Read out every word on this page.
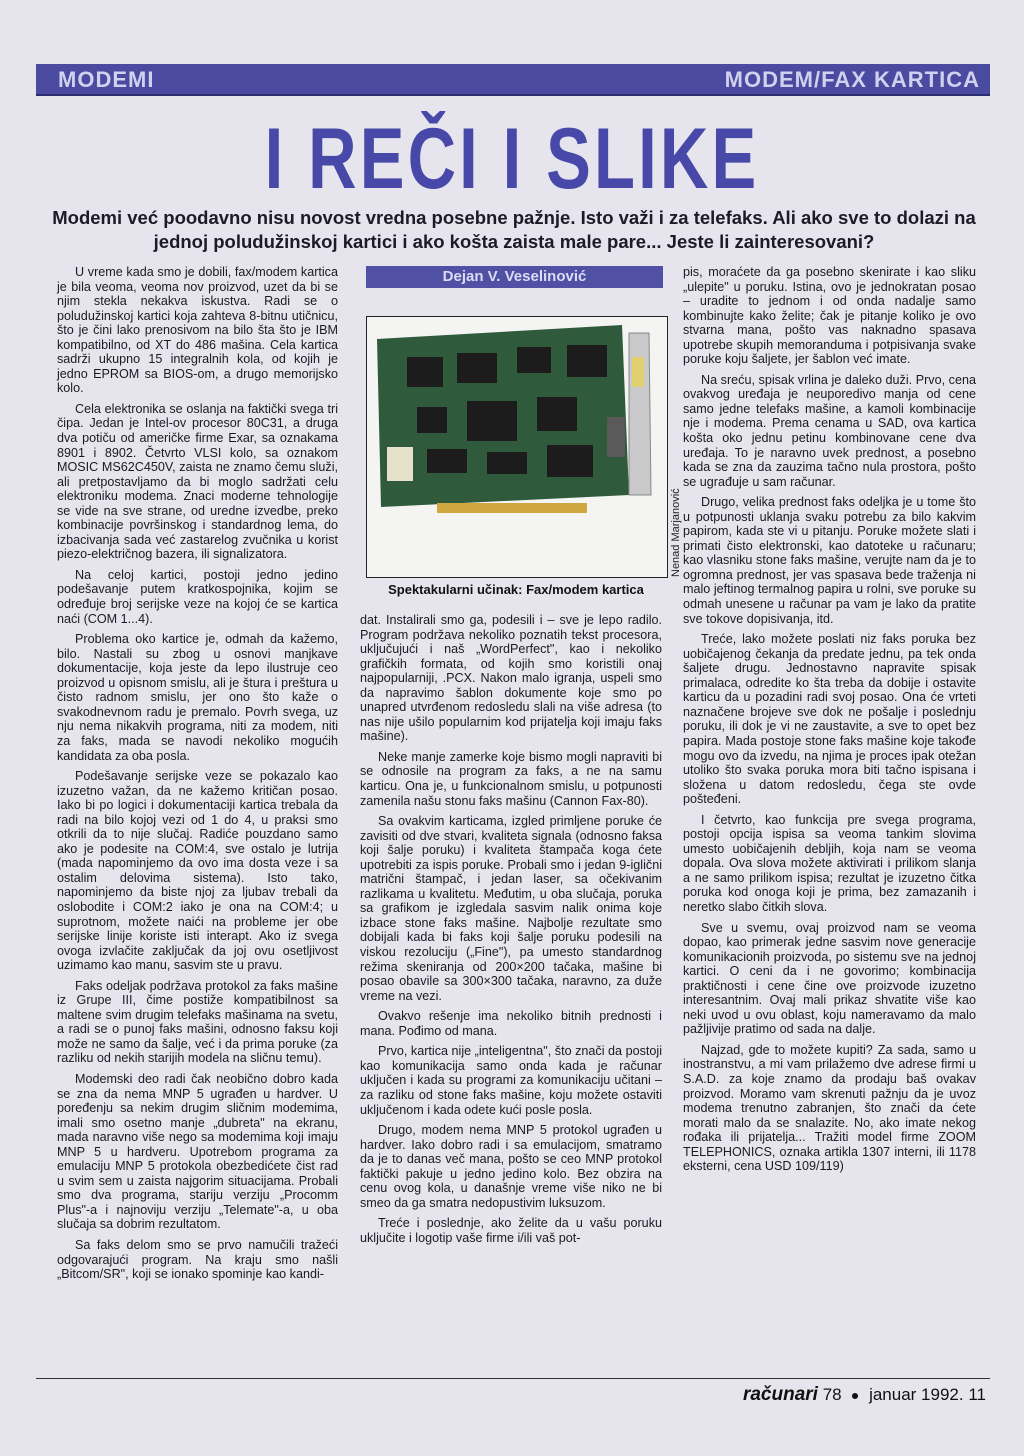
MODEMI	MODEM/FAX KARTICA
I REČI I SLIKE
Modemi već poodavno nisu novost vredna posebne pažnje. Isto važi i za telefaks. Ali ako sve to dolazi na jednoj poludužinskoj kartici i ako košta zaista male pare... Jeste li zainteresovani?

U vreme kada smo je dobili, fax/modem kartica je bila veoma, veoma nov proizvod, uzet da bi se njim stekla nekakva iskustva. Radi se o poludužinskoj kartici koja zahteva 8-bitnu utičnicu, što je čini lako prenosivom na bilo šta što je IBM kompatibilno, od XT do 486 mašina. Cela kartica sadrži ukupno 15 integralnih kola, od kojih je jedno EPROM sa BIOS-om, a drugo memorijsko kolo.

Cela elektronika se oslanja na faktički svega tri čipa. Jedan je Intel-ov procesor 80C31, a druga dva potiču od američke firme Exar, sa oznakama 8901 i 8902. Četvrto VLSI kolo, sa oznakom MOSIC MS62C450V, zaista ne znamo čemu služi, ali pretpostavljamo da bi moglo sadržati celu elektroniku modema. Znaci moderne tehnologije se vide na sve strane, od uredne izvedbe, preko kombinacije površinskog i standardnog lema, do izbacivanja sada već zastarelog zvučnika u korist piezo-električnog bazera, ili signalizatora.

Na celoj kartici, postoji jedno jedino podešavanje putem kratkospojnika, kojim se određuje broj serijske veze na kojoj će se kartica naći (COM 1...4).

Problema oko kartice je, odmah da kažemo, bilo. Nastali su zbog u osnovi manjkave dokumentacije, koja jeste da lepo ilustruje ceo proizvod u opisnom smislu, ali je štura i preštura u čisto radnom smislu, jer ono što kaže o svakodnevnom radu je premalo. Povrh svega, uz nju nema nikakvih programa, niti za modem, niti za faks, mada se navodi nekoliko mogućih kandidata za oba posla.

Podešavanje serijske veze se pokazalo kao izuzetno važan, da ne kažemo kritičan posao. Iako bi po logici i dokumentaciji kartica trebala da radi na bilo kojoj vezi od 1 do 4, u praksi smo otkrili da to nije slučaj. Radiće pouzdano samo ako je podesite na COM:4, sve ostalo je lutrija (mada napominjemo da ovo ima dosta veze i sa ostalim delovima sistema). Isto tako, napominjemo da biste njoj za ljubav trebali da oslobodite i COM:2 iako je ona na COM:4; u suprotnom, možete naići na probleme jer obe serijske linije koriste isti interapt. Ako iz svega ovoga izvlačite zaključak da joj ovu osetljivost uzimamo kao manu, sasvim ste u pravu.

Faks odeljak podržava protokol za faks mašine iz Grupe III, čime postiže kompatibilnost sa maltene svim drugim telefaks mašinama na svetu, a radi se o punoj faks mašini, odnosno faksu koji može ne samo da šalje, već i da prima poruke (za razliku od nekih starijih modela na sličnu temu).

Modemski deo radi čak neobično dobro kada se zna da nema MNP 5 ugrađen u hardver. U poređenju sa nekim drugim sličnim modemima, imali smo osetno manje „dubreta" na ekranu, mada naravno više nego sa modemima koji imaju MNP 5 u hardveru. Upotrebom programa za emulaciju MNP 5 protokola obezbedićete čist rad u svim sem u zaista najgorim situacijama. Probali smo dva programa, stariju verziju „Procomm Plus"-a i najnoviju verziju „Telemate"-a, u oba slučaja sa dobrim rezultatom.

Sa faks delom smo se prvo namučili tražeći odgovarajući program. Na kraju smo našli „Bitcom/SR", koji se ionako spominje kao kandi-

Dejan V. Veselinović
Nenad Marjanović
Spektakularni učinak: Fax/modem kartica

dat. Instalirali smo ga, podesili i – sve je lepo radilo. Program podržava nekoliko poznatih tekst procesora, uključujući i naš „WordPerfect", kao i nekoliko grafičkih formata, od kojih smo koristili onaj najpopularniji, .PCX. Nakon malo igranja, uspeli smo da napravimo šablon dokumente koje smo po unapred utvrđenom redosledu slali na više adresa (to nas nije ušilo popularnim kod prijatelja koji imaju faks mašine).

Neke manje zamerke koje bismo mogli napraviti bi se odnosile na program za faks, a ne na samu karticu. Ona je, u funkcionalnom smislu, u potpunosti zamenila našu stonu faks mašinu (Cannon Fax-80).

Sa ovakvim karticama, izgled primljene poruke će zavisiti od dve stvari, kvaliteta signala (odnosno faksa koji šalje poruku) i kvaliteta štampača koga ćete upotrebiti za ispis poruke. Probali smo i jedan 9-iglični matrični štampač, i jedan laser, sa očekivanim razlikama u kvalitetu. Međutim, u oba slučaja, poruka sa grafikom je izgledala sasvim nalik onima koje izbace stone faks mašine. Najbolje rezultate smo dobijali kada bi faks koji šalje poruku podesili na viskou rezoluciju („Fine"), pa umesto standardnog režima skeniranja od 200×200 tačaka, mašine bi posao obavile sa 300×300 tačaka, naravno, za duže vreme na vezi.

Ovakvo rešenje ima nekoliko bitnih prednosti i mana. Pođimo od mana.

Prvo, kartica nije „inteligentna", što znači da postoji kao komunikacija samo onda kada je računar uključen i kada su programi za komunikaciju učitani – za razliku od stone faks mašine, koju možete ostaviti uključenom i kada odete kući posle posla.

Drugo, modem nema MNP 5 protokol ugrađen u hardver. Iako dobro radi i sa emulacijom, smatramo da je to danas več mana, pošto se ceo MNP protokol faktički pakuje u jedno jedino kolo. Bez obzira na cenu ovog kola, u današnje vreme više niko ne bi smeo da ga smatra nedopustivim luksuzom.

Treće i poslednje, ako želite da u vašu poruku uključite i logotip vaše firme i/ili vaš pot-

pis, moraćete da ga posebno skenirate i kao sliku „ulepite" u poruku. Istina, ovo je jednokratan posao – uradite to jednom i od onda nadalje samo kombinujte kako želite; čak je pitanje koliko je ovo stvarna mana, pošto vas naknadno spasava upotrebe skupih memoranduma i potpisivanja svake poruke koju šaljete, jer šablon već imate.

Na sreću, spisak vrlina je daleko duži. Prvo, cena ovakvog uređaja je neuporedivo manja od cene samo jedne telefaks mašine, a kamoli kombinacije nje i modema. Prema cenama u SAD, ova kartica košta oko jednu petinu kombinovane cene dva uređaja. To je naravno uvek prednost, a posebno kada se zna da zauzima tačno nula prostora, pošto se ugrađuje u sam računar.

Drugo, velika prednost faks odeljka je u tome što u potpunosti uklanja svaku potrebu za bilo kakvim papirom, kada ste vi u pitanju. Poruke možete slati i primati čisto elektronski, kao datoteke u računaru; kao vlasniku stone faks mašine, verujte nam da je to ogromna prednost, jer vas spasava bede traženja ni malo jeftinog termalnog papira u rolni, sve poruke su odmah unesene u računar pa vam je lako da pratite sve tokove dopisivanja, itd.

Treće, lako možete poslati niz faks poruka bez uobičajenog čekanja da predate jednu, pa tek onda šaljete drugu. Jednostavno napravite spisak primalaca, odredite ko šta treba da dobije i ostavite karticu da u pozadini radi svoj posao. Ona će vrteti naznačene brojeve sve dok ne pošalje i poslednju poruku, ili dok je vi ne zaustavite, a sve to opet bez papira. Mada postoje stone faks mašine koje takođe mogu ovo da izvedu, na njima je proces ipak otežan utoliko što svaka poruka mora biti tačno ispisana i složena u datom redosledu, čega ste ovde pošteđeni.

I četvrto, kao funkcija pre svega programa, postoji opcija ispisa sa veoma tankim slovima umesto uobičajenih debljih, koja nam se veoma dopala. Ova slova možete aktivirati i prilikom slanja a ne samo prilikom ispisa; rezultat je izuzetno čitka poruka kod onoga koji je prima, bez zamazanih i neretko slabo čitkih slova.

Sve u svemu, ovaj proizvod nam se veoma dopao, kao primerak jedne sasvim nove generacije komunikacionih proizvoda, po sistemu sve na jednoj kartici. O ceni da i ne govorimo; kombinacija praktičnosti i cene čine ove proizvode izuzetno interesantnim. Ovaj mali prikaz shvatite više kao neki uvod u ovu oblast, koju nameravamo da malo pažljivije pratimo od sada na dalje.

Najzad, gde to možete kupiti? Za sada, samo u inostranstvu, a mi vam prilažemo dve adrese firmi u S.A.D. za koje znamo da prodaju baš ovakav proizvod. Moramo vam skrenuti pažnju da je uvoz modema trenutno zabranjen, što znači da ćete morati malo da se snalazite. No, ako imate nekog rođaka ili prijatelja... Tražiti model firme ZOOM TELEPHONICS, oznaka artikla 1307 interni, ili 1178 eksterni, cena USD 109/119)

računari 78 januar 1992. 11
